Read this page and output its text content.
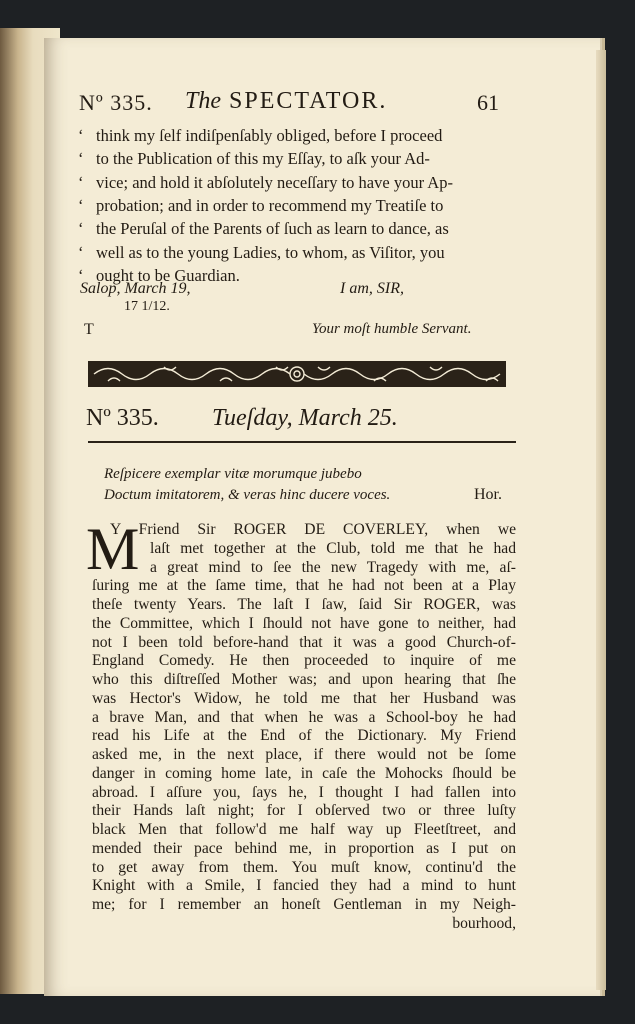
Nº 335. The SPECTATOR.	61
‘ think my ſelf indiſpenſably obliged, before I proceed
‘ to the Publication of this my Eſſay, to aſk your Ad-
‘ vice; and hold it abſolutely neceſſary to have your Ap-
‘ probation; and in order to recommend my Treatiſe to
‘ the Peruſal of the Parents of ſuch as learn to dance, as
‘ well as to the young Ladies, to whom, as Viſitor, you
‘ ought to be Guardian.
Salop, March 19,
17 1/12.
I am, SIR,
T	Your moſt humble Servant.
Nº 335. Tueſday, March 25.
Reſpicere exemplar vitæ morumque jubebo
Doctum imitatorem, & veras hinc ducere voces.	Hor.
M
Y Friend Sir ROGER DE COVERLEY, when we
laſt met together at the Club, told me that he had
a great mind to ſee the new Tragedy with me, aſ-
ſuring me at the ſame time, that he had not been at a Play
theſe twenty Years. The laſt I ſaw, ſaid Sir ROGER, was
the Committee, which I ſhould not have gone to neither, had
not I been told before-hand that it was a good Church-of-
England Comedy. He then proceeded to inquire of me
who this diſtreſſed Mother was; and upon hearing that ſhe
was Hector's Widow, he told me that her Husband was
a brave Man, and that when he was a School-boy he had
read his Life at the End of the Dictionary. My Friend
asked me, in the next place, if there would not be ſome
danger in coming home late, in caſe the Mohocks ſhould be
abroad. I aſſure you, ſays he, I thought I had fallen into
their Hands laſt night; for I obſerved two or three luſty
black Men that follow'd me half way up Fleetſtreet, and
mended their pace behind me, in proportion as I put on
to get away from them. You muſt know, continu'd the
Knight with a Smile, I fancied they had a mind to hunt
me; for I remember an honeſt Gentleman in my Neigh-
bourhood,
